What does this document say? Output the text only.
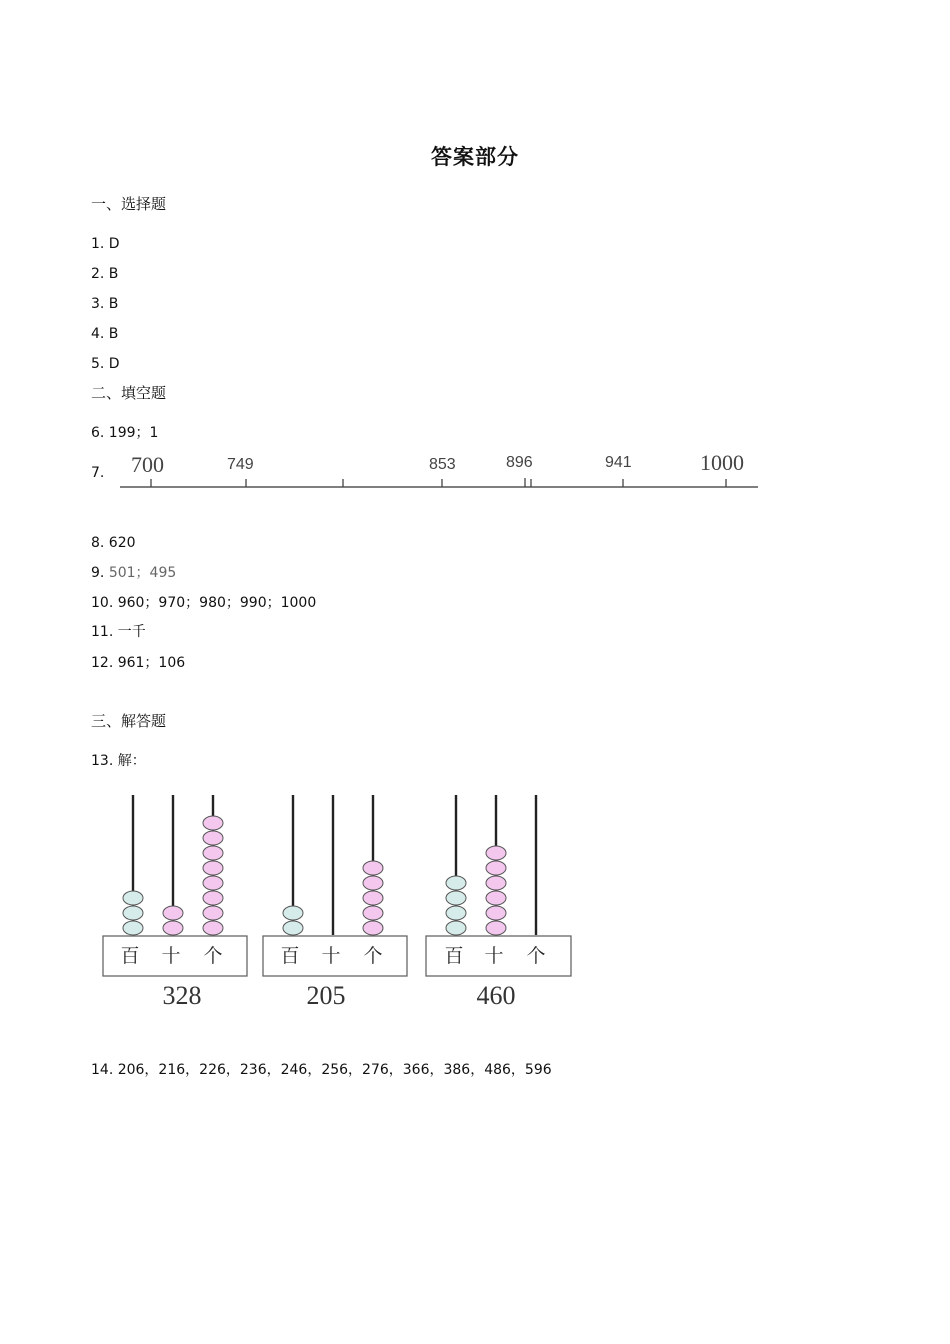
答案部分
一、选择题
1. D
2. B
3. B
4. B
5. D
二、填空题
6. 199；1
7. 700	749	853	896	941	1000
8. 620
9. 501；495
10. 960；970；980；990；1000
11. 一千
12. 961；106
三、解答题
13. 解：
百 十 个
328
百 十 个
205
百 十 个
460
14. 206，216，226，236，246，256，276，366，386，486，596
